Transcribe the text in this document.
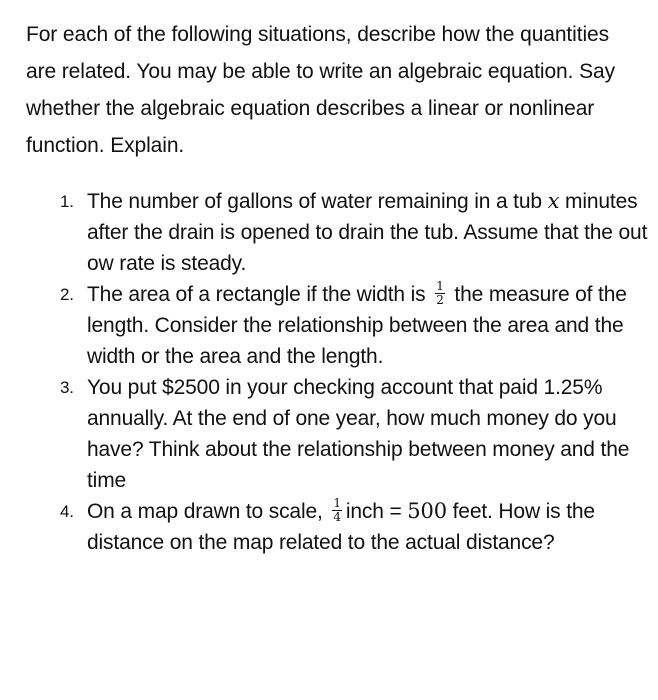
For each of the following situations, describe how the quantities are related. You may be able to write an algebraic equation. Say whether the algebraic equation describes a linear or nonlinear function. Explain.

1. The number of gallons of water remaining in a tub x minutes after the drain is opened to drain the tub. Assume that the out ow rate is steady.
2. The area of a rectangle if the width is $\frac{1}{2}$ the measure of the length. Consider the relationship between the area and the width or the area and the length.
3. You put $2500 in your checking account that paid 1.25% annually. At the end of one year, how much money do you have? Think about the relationship between money and the time
4. On a map drawn to scale, $\frac{1}{4}$ inch = 500 feet. How is the distance on the map related to the actual distance?
